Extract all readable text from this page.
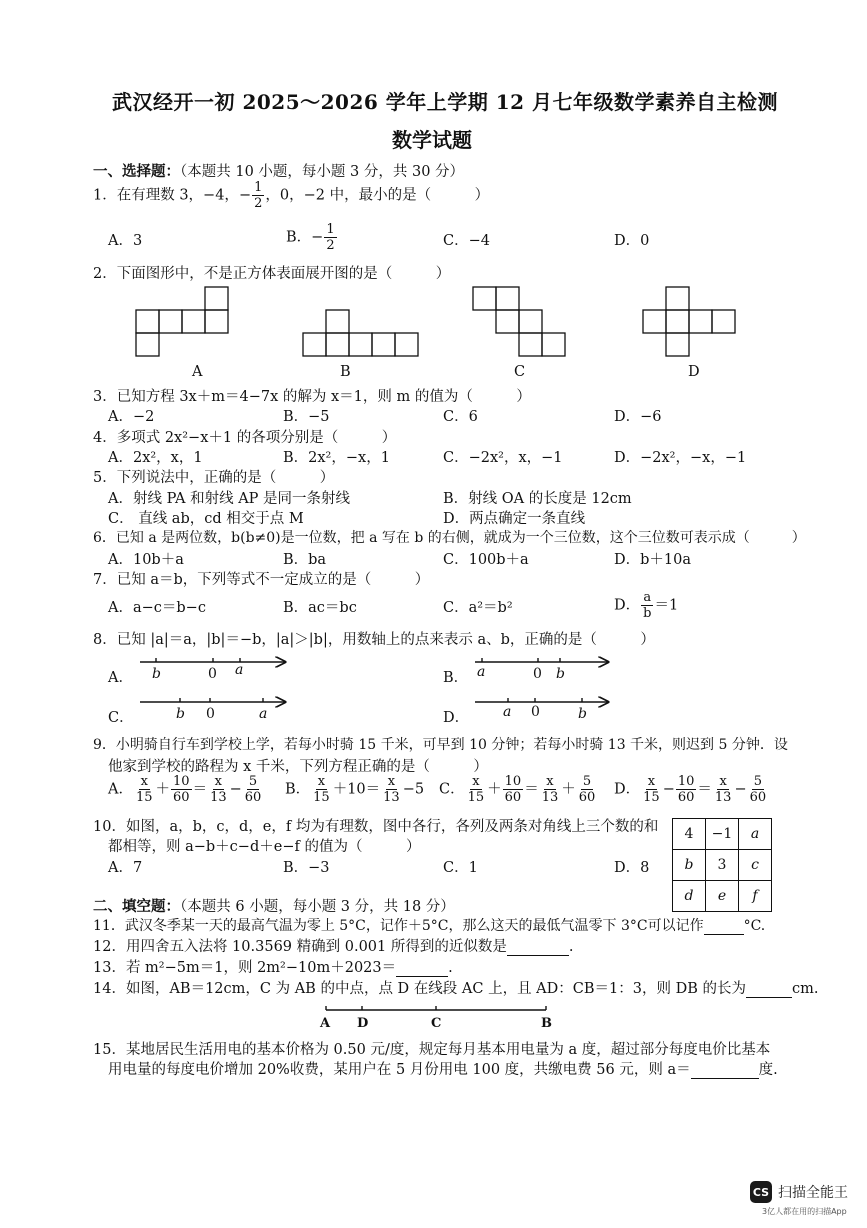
武汉经开一初 2025～2026 学年上学期 12 月七年级数学素养自主检测
数学试题
一、选择题：（本题共 10 小题，每小题 3 分，共 30 分）
1．在有理数 3，−4，− $\frac{1}{2}$ ，0，−2 中，最小的是（　　　）
A．3	B．− $\frac{1}{2}$	C．−4	D．0
2．下面图形中，不是正方体表面展开图的是（　　　）
A	B	C	D
3．已知方程 3x＋m＝4−7x 的解为 x＝1，则 m 的值为（　　　）
A．−2	B．−5	C．6	D．−6
4．多项式 2x²−x＋1 的各项分别是（　　　）
A．2x²，x，1	B．2x²，−x，1	C．−2x²，x，−1	D．−2x²，−x，−1
5．下列说法中，正确的是（　　　）
A．射线 PA 和射线 AP 是同一条射线	B．射线 OA 的长度是 12cm
C． 直线 ab，cd 相交于点 M	D．两点确定一条直线
6．已知 a 是两位数，b(b≠0)是一位数，把 a 写在 b 的右侧，就成为一个三位数，这个三位数可表示成（　　　）
A．10b＋a	B．ba	C．100b＋a	D．b＋10a
7．已知 a＝b，下列等式不一定成立的是（　　　）
A．a−c＝b−c	B．ac＝bc	C．a²＝b²	D． $\frac{a}{b} =1$
8．已知 |a|＝a，|b|＝−b，|a|＞|b|，用数轴上的点来表示 a、b，正确的是（　　　）
A．	B．
C．	D．
b	0 a	a	0 b
b 0	a	a 0	b
9．小明骑自行车到学校上学，若每小时骑 15 千米，可早到 10 分钟；若每小时骑 13 千米，则迟到 5 分钟．设
他家到学校的路程为 x 千米，下列方程正确的是（　　　）
A． $\frac{x}{15} + \frac{10}{60} = \frac{x}{13} - \frac{5}{60}$ B． $\frac{x}{15} +10= \frac{x}{13} -5$ C． $\frac{x}{15} + \frac{10}{60} = \frac{x}{13} + \frac{5}{60}$ D． $\frac{x}{15} - \frac{10}{60} = \frac{x}{13} - \frac{5}{60}$
10．如图，a，b，c，d，e，f 均为有理数，图中各行，各列及两条对角线上三个数的和
都相等，则 a−b＋c−d＋e−f 的值为（　　　）
A．7	B．−3	C．1	D．8
4	−1	a
b	3	c
d	e	f
二、填空题：（本题共 6 小题，每小题 3 分，共 18 分）
11．武汉冬季某一天的最高气温为零上 5°C，记作＋5°C，那么这天的最低气温零下 3°C可以记作	°C.
12．用四舍五入法将 10.3569 精确到 0.001 所得到的近似数是	.
13．若 m²−5m＝1，则 2m²−10m＋2023＝	.
14．如图，AB＝12cm，C 为 AB 的中点，点 D 在线段 AC 上，且 AD：CB＝1：3，则 DB 的长为	cm.
A D	C	B
15．某地居民生活用电的基本价格为 0.50 元/度，规定每月基本用电量为 a 度，超过部分每度电价比基本
用电量的每度电价增加 20%收费，某用户在 5 月份用电 100 度，共缴电费 56 元，则 a＝	度.
CS 扫描全能王
3亿人都在用的扫描App
